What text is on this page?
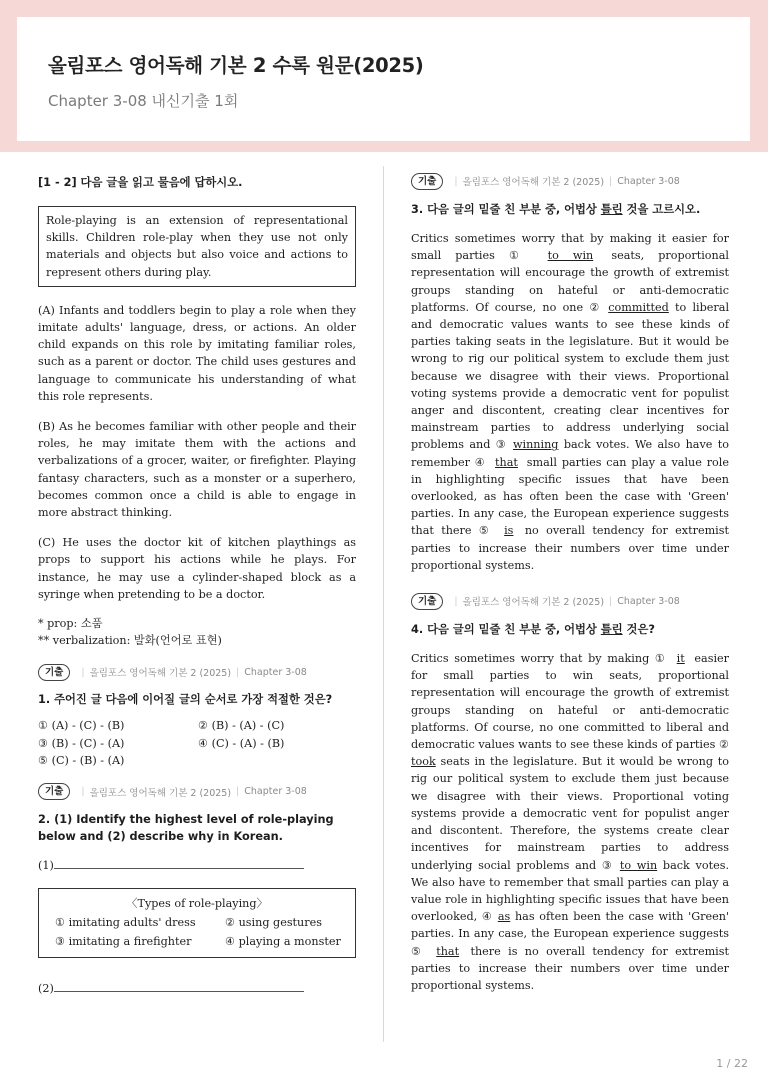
올림포스 영어독해 기본 2 수록 원문(2025)
Chapter 3-08 내신기출 1회

[1 - 2] 다음 글을 읽고 물음에 답하시오.

Role-playing is an extension of representational skills. Children role-play when they use not only materials and objects but also voice and actions to represent others during play.

(A) Infants and toddlers begin to play a role when they imitate adults' language, dress, or actions. An older child expands on this role by imitating familiar roles, such as a parent or doctor. The child uses gestures and language to communicate his understanding of what this role represents.

(B) As he becomes familiar with other people and their roles, he may imitate them with the actions and verbalizations of a grocer, waiter, or firefighter. Playing fantasy characters, such as a monster or a superhero, becomes common once a child is able to engage in more abstract thinking.

(C) He uses the doctor kit of kitchen playthings as props to support his actions while he plays. For instance, he may use a cylinder-shaped block as a syringe when pretending to be a doctor.

* prop: 소품

** verbalization: 발화(언어로 표현)

기출	| 올림포스 영어독해 기본 2 (2025) | Chapter 3-08

1. 주어진 글 다음에 이어질 글의 순서로 가장 적절한 것은?

① (A) - (C) - (B)	② (B) - (A) - (C)
③ (B) - (C) - (A)	④ (C) - (A) - (B)
⑤ (C) - (B) - (A)
기출	| 올림포스 영어독해 기본 2 (2025) | Chapter 3-08

2. (1) Identify the highest level of role-playing below and (2) describe why in Korean.

(1)
〈Types of role-playing〉
① imitating adults' dress	② using gestures
③ imitating a firefighter	④ playing a monster
(2)
기출	| 올림포스 영어독해 기본 2 (2025) | Chapter 3-08

3. 다음 글의 밑줄 친 부분 중, 어법상 틀린 것을 고르시오.

Critics sometimes worry that by making it easier for small parties ① to win seats, proportional representation will encourage the growth of extremist groups standing on hateful or anti-democratic platforms. Of course, no one ② committed to liberal and democratic values wants to see these kinds of parties taking seats in the legislature. But it would be wrong to rig our political system to exclude them just because we disagree with their views. Proportional voting systems provide a democratic vent for populist anger and discontent, creating clear incentives for mainstream parties to address underlying social problems and ③ winning back votes. We also have to remember ④ that small parties can play a value role in highlighting specific issues that have been overlooked, as has often been the case with 'Green' parties. In any case, the European experience suggests that there ⑤ is no overall tendency for extremist parties to increase their numbers over time under proportional systems.

기출	| 올림포스 영어독해 기본 2 (2025) | Chapter 3-08

4. 다음 글의 밑줄 친 부분 중, 어법상 틀린 것은?

Critics sometimes worry that by making ① it easier for small parties to win seats, proportional representation will encourage the growth of extremist groups standing on hateful or anti-democratic platforms. Of course, no one committed to liberal and democratic values wants to see these kinds of parties ② took seats in the legislature. But it would be wrong to rig our political system to exclude them just because we disagree with their views. Proportional voting systems provide a democratic vent for populist anger and discontent. Therefore, the systems create clear incentives for mainstream parties to address underlying social problems and ③ to win back votes. We also have to remember that small parties can play a value role in highlighting specific issues that have been overlooked, ④ as has often been the case with 'Green' parties. In any case, the European experience suggests ⑤ that there is no overall tendency for extremist parties to increase their numbers over time under proportional systems.

1 / 22
